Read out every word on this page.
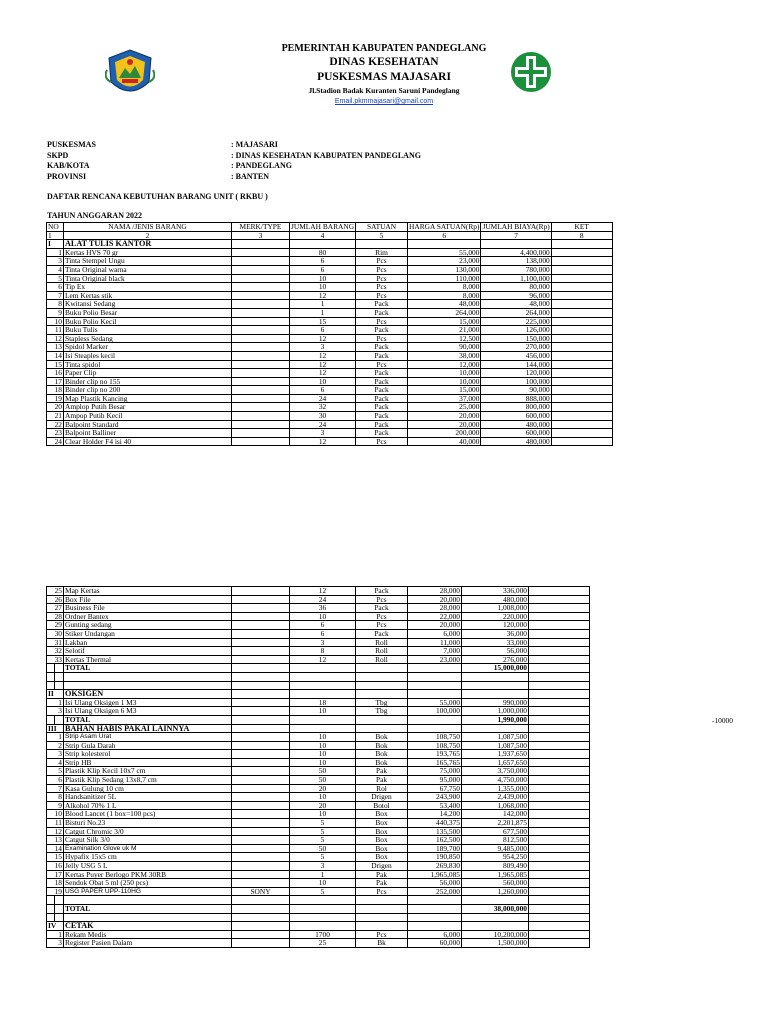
PEMERINTAH KABUPATEN PANDEGLANG
DINAS KESEHATAN
PUSKESMAS MAJASARI
Jl.Stadion Badak Kuranten Saruni Pandeglang
Email.pkmmajasari@gmail.com
PUSKESMAS	: MAJASARI
SKPD	: DINAS KESEHATAN KABUPATEN PANDEGLANG
KAB/KOTA	: PANDEGLANG
PROVINSI	: BANTEN
DAFTAR RENCANA KEBUTUHAN BARANG UNIT ( RKBU )
TAHUN ANGGARAN 2022
NO	NAMA /JENIS BARANG	MERK/TYPE	JUMLAH BARANG	SATUAN	HARGA SATUAN(Rp)	JUMLAH BIAYA(Rp)	KET
1	2	3	4	5	6	7	8
I	ALAT TULIS KANTOR						
1	Kertas HVS 70 gr		80	Rim	55,000	4,400,000	
3	Tinta Stempel Ungu		6	Pcs	23,000	138,000	
4	Tinta Original warna		6	Pcs	130,000	780,000	
5	Tinta Original black		10	Pcs	110,000	1,100,000	
6	Tip Ex		10	Pcs	8,000	80,000	
7	Lem Kertas stik		12	Pcs	8,000	96,000	
8	Kwitansi Sedang		1	Pack	48,000	48,000	
9	Buku Polio Besar		1	Pack	264,000	264,000	
10	Buku Polio Kecil		15	Pcs	15,000	225,000	
11	Buku Tulis		6	Pack	21,000	126,000	
12	Stapless Sedang		12	Pcs	12,500	150,000	
13	Spidol Marker		3	Pack	90,000	270,000	
14	Isi Steaples kecil		12	Pack	38,000	456,000	
15	Tinta spidol		12	Pcs	12,000	144,000	
16	Paper Clip		12	Pack	10,000	120,000	
17	Binder clip no 155		10	Pack	10,000	100,000	
18	Binder clip no 200		6	Pack	15,000	90,000	
19	Map Plastik Kancing		24	Pack	37,000	888,000	
20	Amplop Putih Besar		32	Pack	25,000	800,000	
21	Ampop Putih Kecil		30	Pack	20,000	600,000	
22	Balpoint Standard		24	Pack	20,000	480,000	
23	Balpoint Balliner		3	Pack	200,000	600,000	
24	Clear Holder F4 isi 40		12	Pcs	40,000	480,000	
25		Map Kertas		12	Pack	28,000	336,000	
26		Box File		24	Pcs	20,000	480,000	
27		Business File		36	Pack	28,000	1,008,000	
28		Ordner Bantex		10	Pcs	22,000	220,000	
29		Gunting sedang		6	Pcs	20,000	120,000	
30		Stiker Undangan		6	Pack	6,000	36,000	
31		Lakban		3	Roll	11,000	33,000	
32		Selotif		8	Roll	7,000	56,000	
33		Kertas Thermal		12	Roll	23,000	276,000	
		TOTAL					15,000,000	

II		OKSIGEN						
1		Isi Ulang Oksigen 1 M3		18	Tbg	55,000	990,000	
3		Isi Ulang Oksigen 6 M3		10	Tbg	100,000	1,000,000	
		TOTAL					1,990,000	
III		BAHAN HABIS PAKAI LAINNYA						
1		Strip Asam Urat		10	Bok	108,750	1,087,500	
2		Strip Gula Darah		10	Bok	108,750	1,087,500	
3		Strip kolesterol		10	Bok	193,765	1,937,650	
4		Strip HB		10	Bok	165,765	1,657,650	
5		Plastik Klip Kecil 10x7 cm		50	Pak	75,000	3,750,000	
6		Plastik Klip Sedang 13x8,7 cm		50	Pak	95,000	4,750,000	
7		Kasa Gulung 10 cm		20	Rol	67,750	1,355,000	
8		Handsanitizer 5L		10	Drigen	243,900	2,439,000	
9		Alkohol 70% 1 L		20	Botol	53,400	1,068,000	
10		Blood Lancet (1 box=100 pcs)		10	Box	14,200	142,000	
11		Bisturi No.23		5	Box	440,375	2,201,875	
12		Catgut Chromic 3/0		5	Box	135,500	677,500	
13		Catgut Silk 3/0		5	Box	162,500	812,500	
14		Examination Glove uk M		50	Box	189,700	9,485,000	
15		Hypafix 15x5 cm		5	Box	190,850	954,250	
16		Jelly USG 5 L		3	Drigen	269,830	809,490	
17		Kertas Puyer Berlogo PKM 30RB		1	Pak	1,965,085	1,965,085	
18		Sendok Obat 5 ml (250 pcs)		10	Pak	56,000	560,000	
19		USG PAPER UPP-110HG	SONY	5	Pcs	252,000	1,260,000	

		TOTAL					38,000,000	

IV		CETAK						
1		Rekam Medis		1700	Pcs	6,000	10,200,000	
3		Register Pasien Dalam		25	Bk	60,000	1,500,000	
-10000
